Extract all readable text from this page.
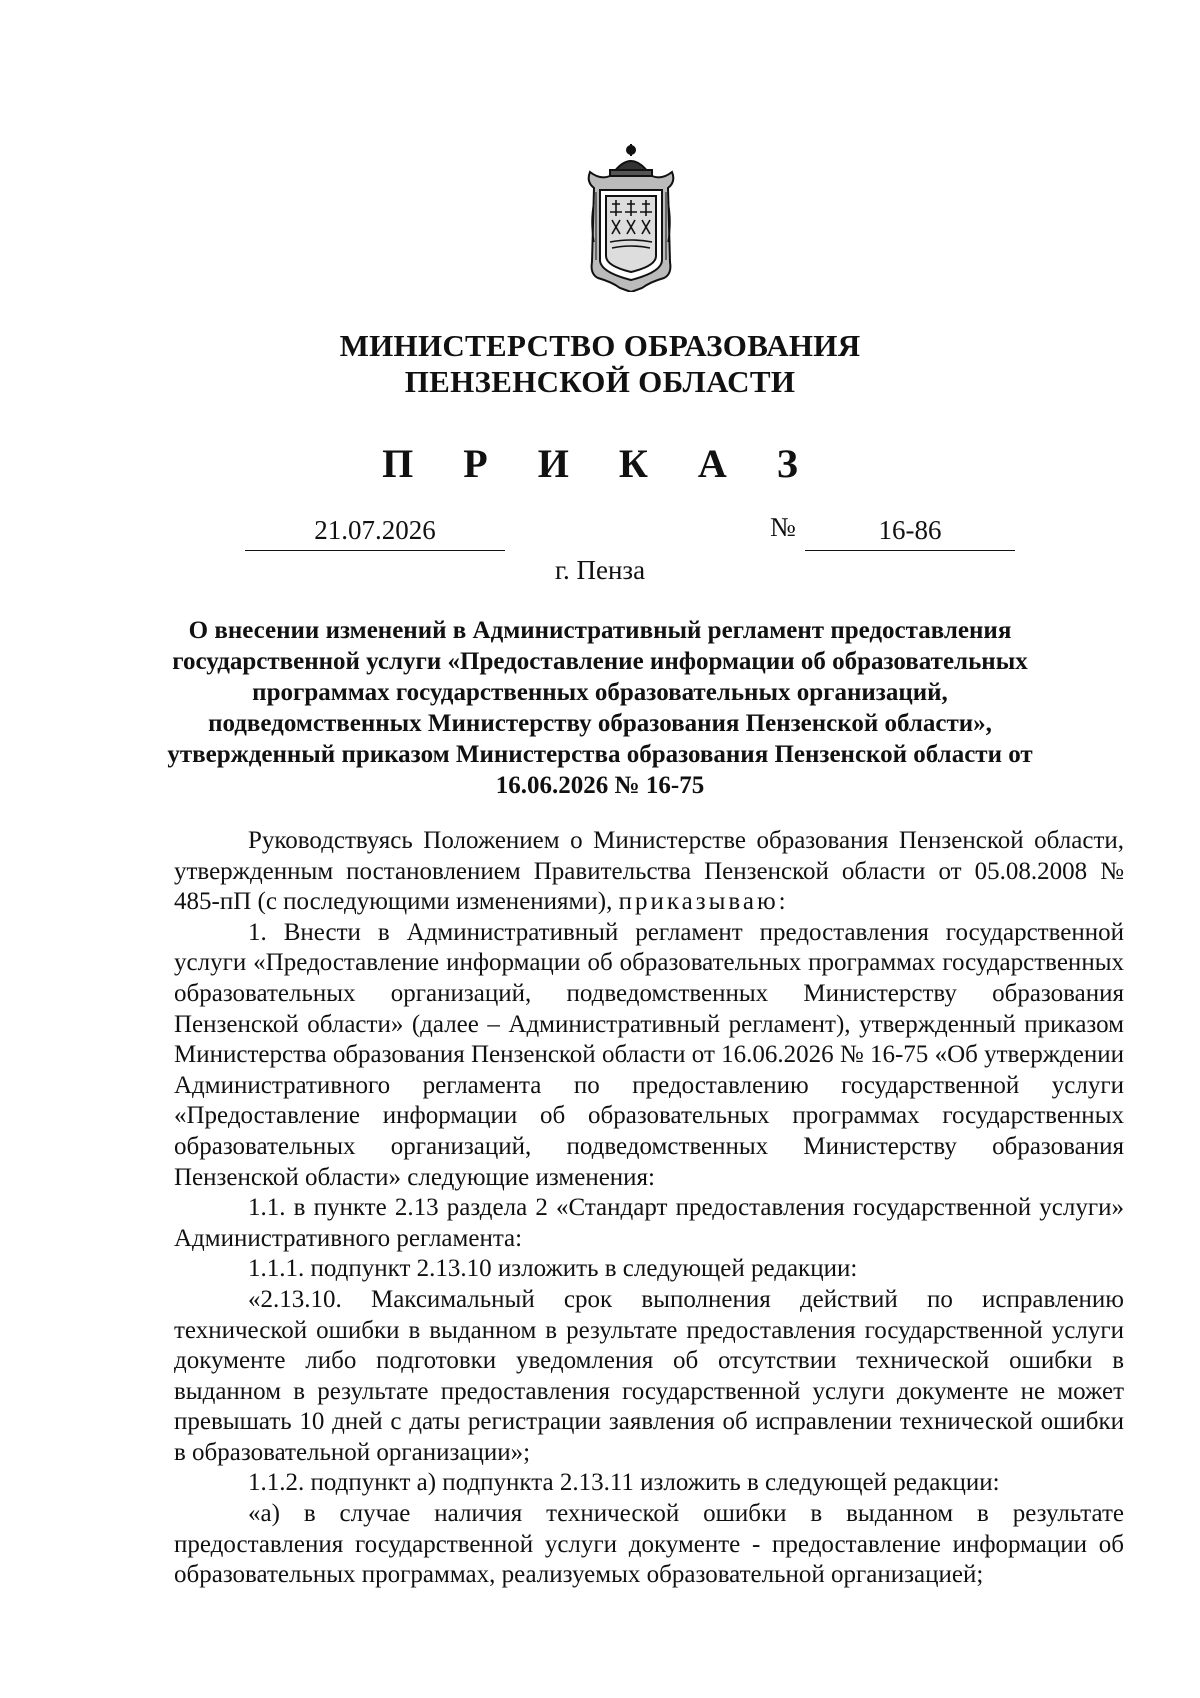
МИНИСТЕРСТВО ОБРАЗОВАНИЯ
ПЕНЗЕНСКОЙ ОБЛАСТИ
П Р И К А З
21.07.2026	№	16-86
г. Пенза
О внесении изменений в Административный регламент предоставления государственной услуги «Предоставление информации об образовательных программах государственных образовательных организаций, подведомственных Министерству образования Пензенской области», утвержденный приказом Министерства образования Пензенской области от 16.06.2026 № 16-75

Руководствуясь Положением о Министерстве образования Пензенской области, утвержденным постановлением Правительства Пензенской области от 05.08.2008 № 485-пП (с последующими изменениями), приказываю:

1. Внести в Административный регламент предоставления государственной услуги «Предоставление информации об образовательных программах государственных образовательных организаций, подведомственных Министерству образования Пензенской области» (далее – Административный регламент), утвержденный приказом Министерства образования Пензенской области от 16.06.2026 № 16-75 «Об утверждении Административного регламента по предоставлению государственной услуги «Предоставление информации об образовательных программах государственных образовательных организаций, подведомственных Министерству образования Пензенской области» следующие изменения:

1.1. в пункте 2.13 раздела 2 «Стандарт предоставления государственной услуги» Административного регламента:

1.1.1. подпункт 2.13.10 изложить в следующей редакции:

«2.13.10. Максимальный срок выполнения действий по исправлению технической ошибки в выданном в результате предоставления государственной услуги документе либо подготовки уведомления об отсутствии технической ошибки в выданном в результате предоставления государственной услуги документе не может превышать 10 дней с даты регистрации заявления об исправлении технической ошибки в образовательной организации»;

1.1.2. подпункт а) подпункта 2.13.11 изложить в следующей редакции:

«а) в случае наличия технической ошибки в выданном в результате предоставления государственной услуги документе - предоставление информации об образовательных программах, реализуемых образовательной организацией;
